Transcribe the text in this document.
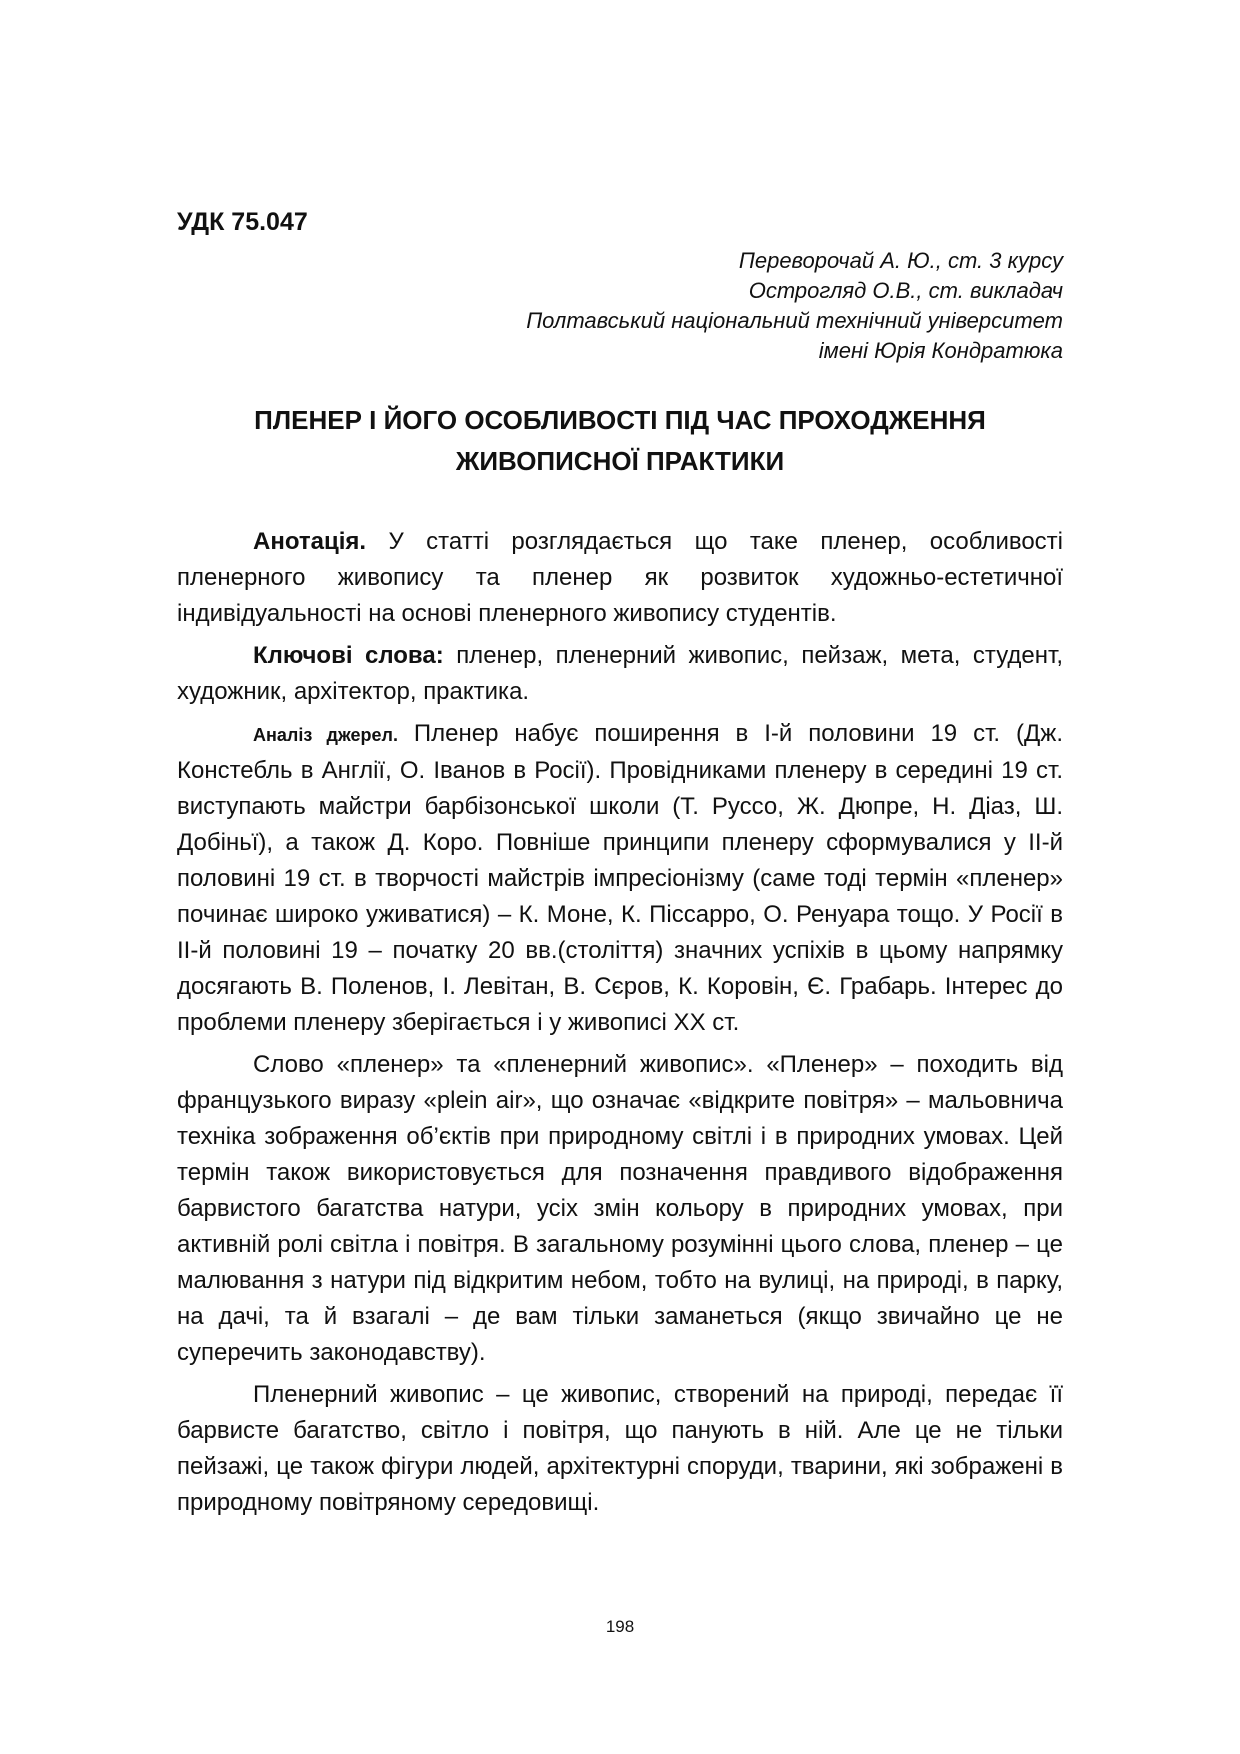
УДК 75.047
Переворочай А. Ю., ст. 3 курсу
Острогляд О.В., ст. викладач
Полтавський національний технічний університет
імені Юрія Кондратюка
ПЛЕНЕР І ЙОГО ОСОБЛИВОСТІ ПІД ЧАС ПРОХОДЖЕННЯ
ЖИВОПИСНОЇ ПРАКТИКИ

Анотація. У статті розглядається що таке пленер, особливості пленерного живопису та пленер як розвиток художньо-естетичної індивідуальності на основі пленерного живопису студентів.

Ключові слова: пленер, пленерний живопис, пейзаж, мета, студент, художник, архітектор, практика.

Аналіз джерел. Пленер набує поширення в І-й половини 19 ст. (Дж. Констебль в Англії, О. Іванов в Росії). Провідниками пленеру в середині 19 ст. виступають майстри барбізонської школи (Т. Руссо, Ж. Дюпре, Н. Діаз, Ш. Добіньї), а також Д. Коро. Повніше принципи пленеру сформувалися у ІІ-й половині 19 ст. в творчості майстрів імпресіонізму (саме тоді термін «пленер» починає широко уживатися) – К. Моне, К. Піссарро, О. Ренуара тощо. У Росії в ІІ-й половині 19 – початку 20 вв.(століття) значних успіхів в цьому напрямку досягають В. Поленов, І. Левітан, В. Сєров, К. Коровін, Є. Грабарь. Інтерес до проблеми пленеру зберігається і у живописі XX ст.

Слово «пленер» та «пленерний живопис». «Пленер» – походить від французького виразу «plein air», що означає «відкрите повітря» – мальовнича техніка зображення об’єктів при природному світлі і в природних умовах. Цей термін також використовується для позначення правдивого відображення барвистого багатства натури, усіх змін кольору в природних умовах, при активній ролі світла і повітря. В загальному розумінні цього слова, пленер – це малювання з натури під відкритим небом, тобто на вулиці, на природі, в парку, на дачі, та й взагалі – де вам тільки заманеться (якщо звичайно це не суперечить законодавству).

Пленерний живопис – це живопис, створений на природі, передає її барвисте багатство, світло і повітря, що панують в ній. Але це не тільки пейзажі, це також фігури людей, архітектурні споруди, тварини, які зображені в природному повітряному середовищі.

198
